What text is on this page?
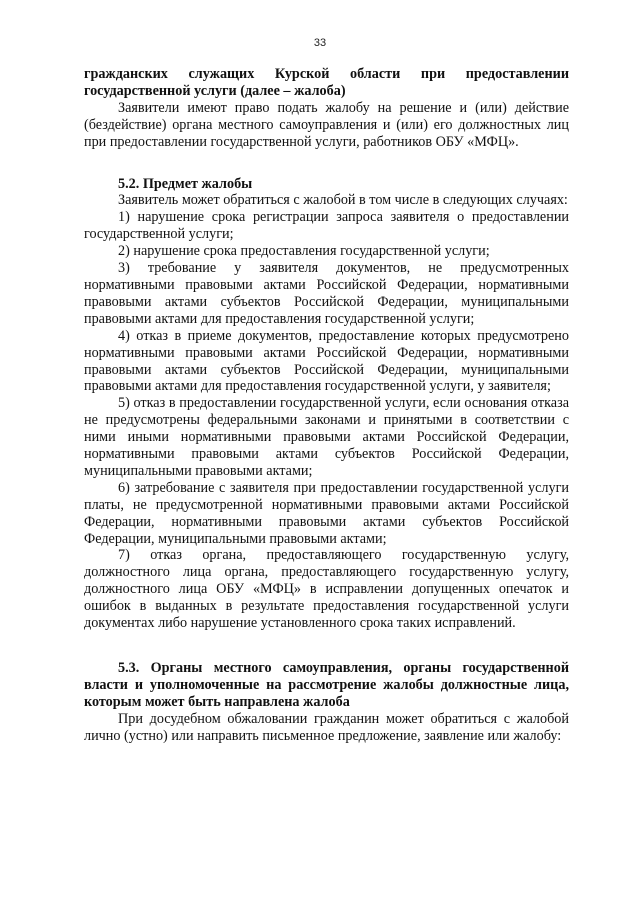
33

гражданских служащих Курской области при предоставлении государственной услуги (далее – жалоба)

Заявители имеют право подать жалобу на решение и (или) действие (бездействие) органа местного самоуправления и (или) его должностных лиц при предоставлении государственной услуги, работников ОБУ «МФЦ».

5.2. Предмет жалобы

Заявитель может обратиться с жалобой в том числе в следующих случаях:

1) нарушение срока регистрации запроса заявителя о предоставлении государственной услуги;

2) нарушение срока предоставления государственной услуги;

3) требование у заявителя документов, не предусмотренных нормативными правовыми актами Российской Федерации, нормативными правовыми актами субъектов Российской Федерации, муниципальными правовыми актами для предоставления государственной услуги;

4) отказ в приеме документов, предоставление которых предусмотрено нормативными правовыми актами Российской Федерации, нормативными правовыми актами субъектов Российской Федерации, муниципальными правовыми актами для предоставления государственной услуги, у заявителя;

5) отказ в предоставлении государственной услуги, если основания отказа не предусмотрены федеральными законами и принятыми в соответствии с ними иными нормативными правовыми актами Российской Федерации, нормативными правовыми актами субъектов Российской Федерации, муниципальными правовыми актами;

6) затребование с заявителя при предоставлении государственной услуги платы, не предусмотренной нормативными правовыми актами Российской Федерации, нормативными правовыми актами субъектов Российской Федерации, муниципальными правовыми актами;

7) отказ органа, предоставляющего государственную услугу, должностного лица органа, предоставляющего государственную услугу, должностного лица ОБУ «МФЦ» в исправлении допущенных опечаток и ошибок в выданных в результате предоставления государственной услуги документах либо нарушение установленного срока таких исправлений.

5.3. Органы местного самоуправления, органы государственной власти и уполномоченные на рассмотрение жалобы должностные лица, которым может быть направлена жалоба

При досудебном обжаловании гражданин может обратиться с жалобой лично (устно) или направить письменное предложение, заявление или жалобу:
